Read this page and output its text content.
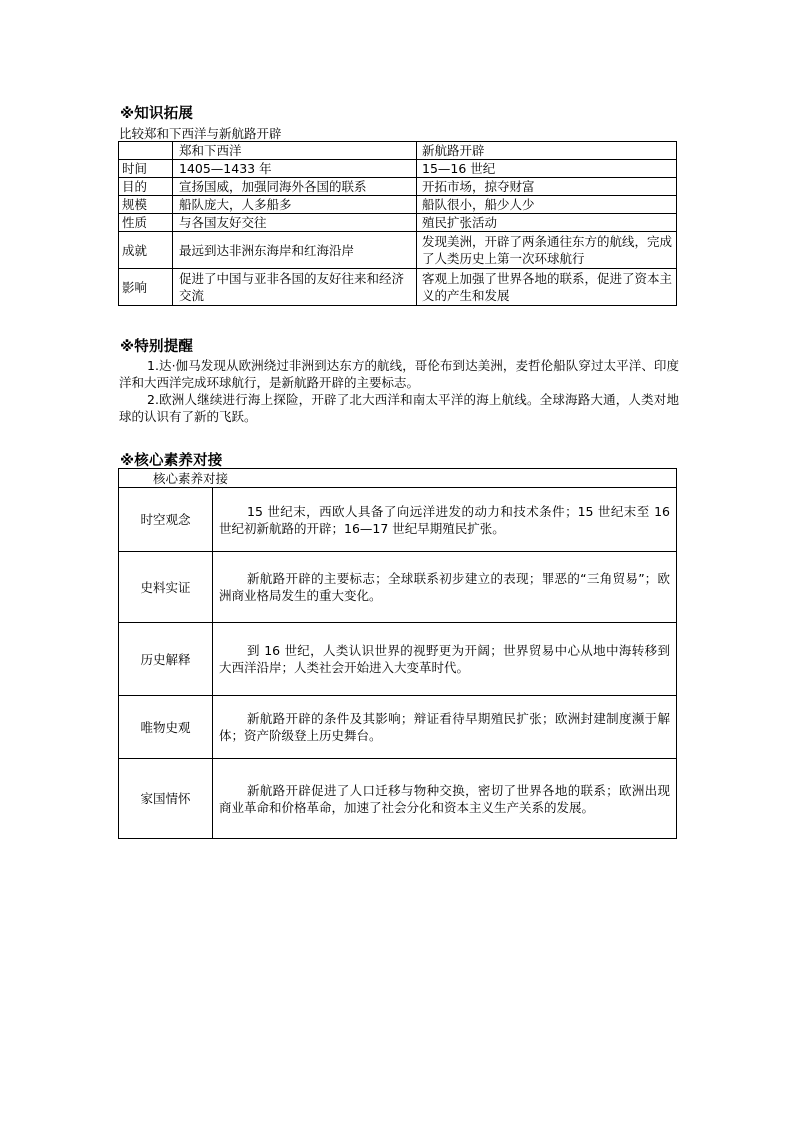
※知识拓展
比较郑和下西洋与新航路开辟
	郑和下西洋	新航路开辟
时间	1405—1433 年	15—16 世纪
目的	宣扬国威，加强同海外各国的联系	开拓市场，掠夺财富
规模	船队庞大，人多船多	船队很小，船少人少
性质	与各国友好交往	殖民扩张活动
成就	最远到达非洲东海岸和红海沿岸	发现美洲，开辟了两条通往东方的航线，完成了人类历史上第一次环球航行
影响	促进了中国与亚非各国的友好往来和经济交流	客观上加强了世界各地的联系，促进了资本主义的产生和发展
※特别提醒

1.达·伽马发现从欧洲绕过非洲到达东方的航线，哥伦布到达美洲，麦哲伦船队穿过太平洋、印度洋和大西洋完成环球航行，是新航路开辟的主要标志。

2.欧洲人继续进行海上探险，开辟了北大西洋和南太平洋的海上航线。全球海路大通，人类对地球的认识有了新的飞跃。

※核心素养对接
核心素养对接	
时空观念	15 世纪末，西欧人具备了向远洋进发的动力和技术条件；15 世纪末至 16 世纪初新航路的开辟；16—17 世纪早期殖民扩张。

史料实证	新航路开辟的主要标志；全球联系初步建立的表现；罪恶的“三角贸易”；欧洲商业格局发生的重大变化。

历史解释	到 16 世纪，人类认识世界的视野更为开阔；世界贸易中心从地中海转移到大西洋沿岸；人类社会开始进入大变革时代。

唯物史观	新航路开辟的条件及其影响；辩证看待早期殖民扩张；欧洲封建制度濒于解体；资产阶级登上历史舞台。

家国情怀	新航路开辟促进了人口迁移与物种交换，密切了世界各地的联系；欧洲出现商业革命和价格革命，加速了社会分化和资本主义生产关系的发展。
